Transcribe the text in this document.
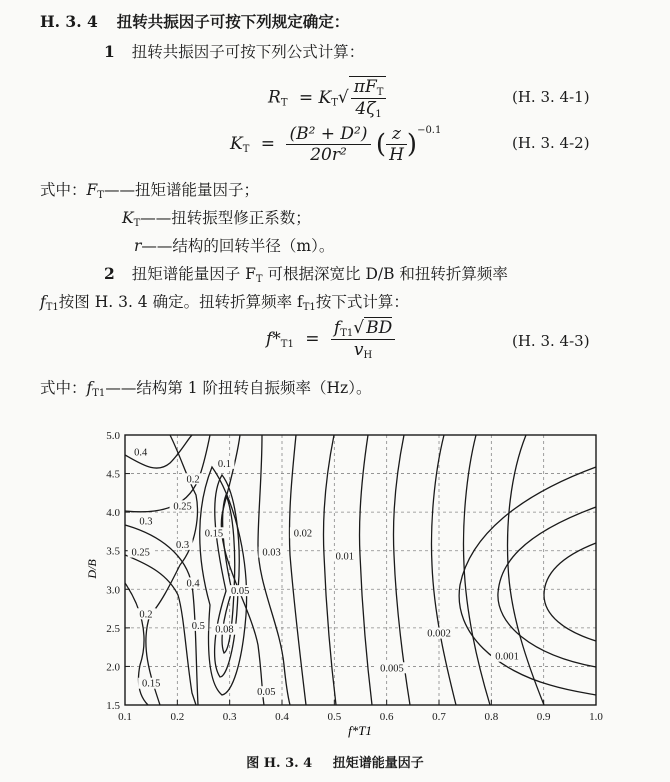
H. 3. 4 扭转共振因子可按下列规定确定：
1 扭转共振因子可按下列公式计算：
$R_T = K_T√ \frac{\pi F_T}{4\zeta_1}$	(H. 3. 4-1)
$K_T = \frac{\text{(B² + D²)}}{\text{20r²}}$ ( $\frac{z}{H} )^{-0.1}$
(H. 3. 4-2)
式中：$F_T——$扭矩谱能量因子；
$K_T——$扭转振型修正系数；
r——结构的回转半径（m）。
2 扭矩谱能量因子 $F_T$ 可根据深宽比 D/B 和扭转折算频率
$f_{T1}$按图 H. 3. 4 确定。扭转折算频率 $f_{T1}$按下式计算：
$f*_{T1} = \frac{f_{T1}√ BD}{v_H}$	(H. 3. 4-3)
式中：$f_{T1}——$结构第 1 阶扭转自振频率（Hz）。
0.1	0.2	0.3	0.4	0.5	0.6	0.7	0.8	0.9	1.0
1.5
2.0
2.5
3.0
3.5
4.0
4.5
5.0
0.4
0.2
0.1
0.25
0.3
0.15
0.25
0.3
0.4
0.02
0.03	0.01
0.05
0.2
0.5 0.08	0.002
0.001
0.15
0.005
0.05
f*T1
D/B
图 H. 3. 4 扭矩谱能量因子
